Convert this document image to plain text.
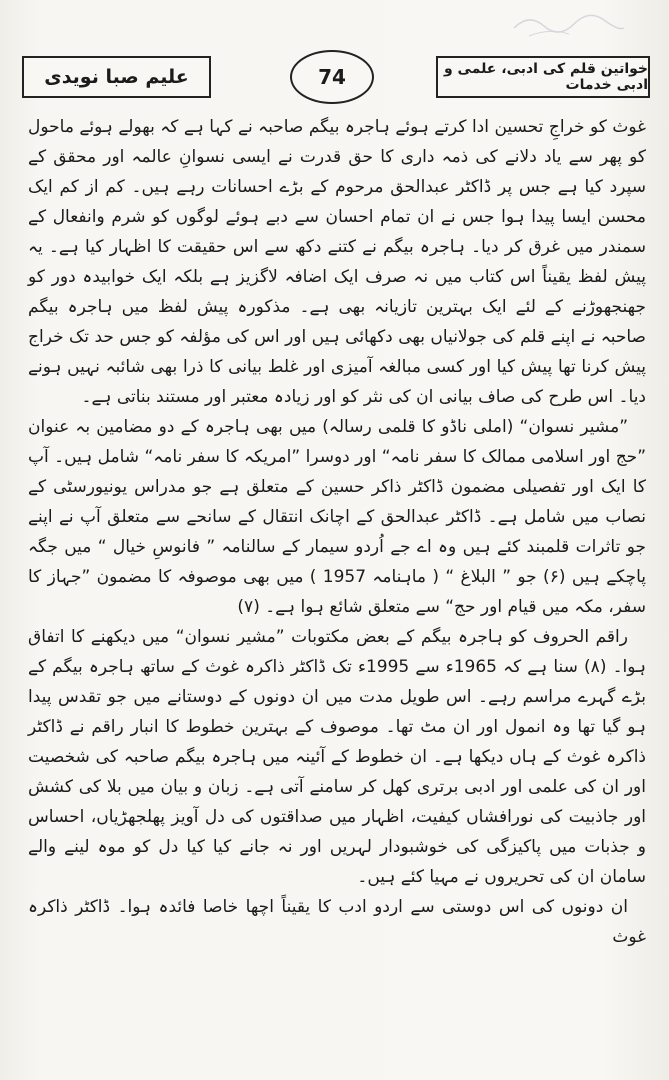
علیم صبا نویدی	74	خواتین قلم کی ادبی، علمی و ادبی خدمات

غوث کو خراجِ تحسین ادا کرتے ہوئے ہاجرہ بیگم صاحبہ نے کہا ہے کہ بھولے ہوئے ماحول کو پھر سے یاد دلانے کی ذمہ داری کا حق قدرت نے ایسی نسوانِ عالمہ اور محقق کے سپرد کیا ہے جس پر ڈاکٹر عبدالحق مرحوم کے بڑے احسانات رہے ہیں۔ کم از کم ایک محسن ایسا پیدا ہوا جس نے ان تمام احسان سے دبے ہوئے لوگوں کو شرم وانفعال کے سمندر میں غرق کر دیا۔ ہاجرہ بیگم نے کتنے دکھ سے اس حقیقت کا اظہار کیا ہے۔ یہ پیش لفظ یقیناً اس کتاب میں نہ صرف ایک اضافہ لاگزیز ہے بلکہ ایک خوابیدہ دور کو جھنجھوڑنے کے لئے ایک بہترین تازیانہ بھی ہے۔ مذکورہ پیش لفظ میں ہاجرہ بیگم صاحبہ نے اپنے قلم کی جولانیاں بھی دکھائی ہیں اور اس کی مؤلفہ کو جس حد تک خراج پیش کرنا تھا پیش کیا اور کسی مبالغہ آمیزی اور غلط بیانی کا ذرا بھی شائبہ نہیں ہونے دیا۔ اس طرح کی صاف بیانی ان کی نثر کو اور زیادہ معتبر اور مستند بناتی ہے۔

”مشیر نسوان“ (املی ناڈو کا قلمی رسالہ) میں بھی ہاجرہ کے دو مضامین بہ عنوان ”حج اور اسلامی ممالک کا سفر نامہ“ اور دوسرا ”امریکہ کا سفر نامہ“ شامل ہیں۔ آپ کا ایک اور تفصیلی مضمون ڈاکٹر ذاکر حسین کے متعلق ہے جو مدراس یونیورسٹی کے نصاب میں شامل ہے۔ ڈاکٹر عبدالحق کے اچانک انتقال کے سانحے سے متعلق آپ نے اپنے جو تاثرات قلمبند کئے ہیں وہ اے جے اُردو سیمار کے سالنامہ ” فانوسِ خیال “ میں جگہ پاچکے ہیں (۶) جو ” البلاغ “ ( ماہنامہ 1957 ) میں بھی موصوفہ کا مضمون ”جہاز کا سفر، مکہ میں قیام اور حج“ سے متعلق شائع ہوا ہے۔ (۷)

راقم الحروف کو ہاجرہ بیگم کے بعض مکتوبات ”مشیر نسوان“ میں دیکھنے کا اتفاق ہوا۔ (۸) سنا ہے کہ 1965ء سے 1995ء تک ڈاکٹر ذاکرہ غوث کے ساتھ ہاجرہ بیگم کے بڑے گہرے مراسم رہے۔ اس طویل مدت میں ان دونوں کے دوستانے میں جو تقدس پیدا ہو گیا تھا وہ انمول اور ان مٹ تھا۔ موصوف کے بہترین خطوط کا انبار راقم نے ڈاکٹر ذاکرہ غوث کے ہاں دیکھا ہے۔ ان خطوط کے آئینہ میں ہاجرہ بیگم صاحبہ کی شخصیت اور ان کی علمی اور ادبی برتری کھل کر سامنے آتی ہے۔ زبان و بیان میں بلا کی کشش اور جاذبیت کی نورافشاں کیفیت، اظہار میں صداقتوں کی دل آویز پھلجھڑیاں، احساس و جذبات میں پاکیزگی کی خوشبودار لہریں اور نہ جانے کیا کیا دل کو موہ لینے والے سامان ان کی تحریروں نے مہیا کئے ہیں۔

ان دونوں کی اس دوستی سے اردو ادب کا یقیناً اچھا خاصا فائدہ ہوا۔ ڈاکٹر ذاکرہ غوث
